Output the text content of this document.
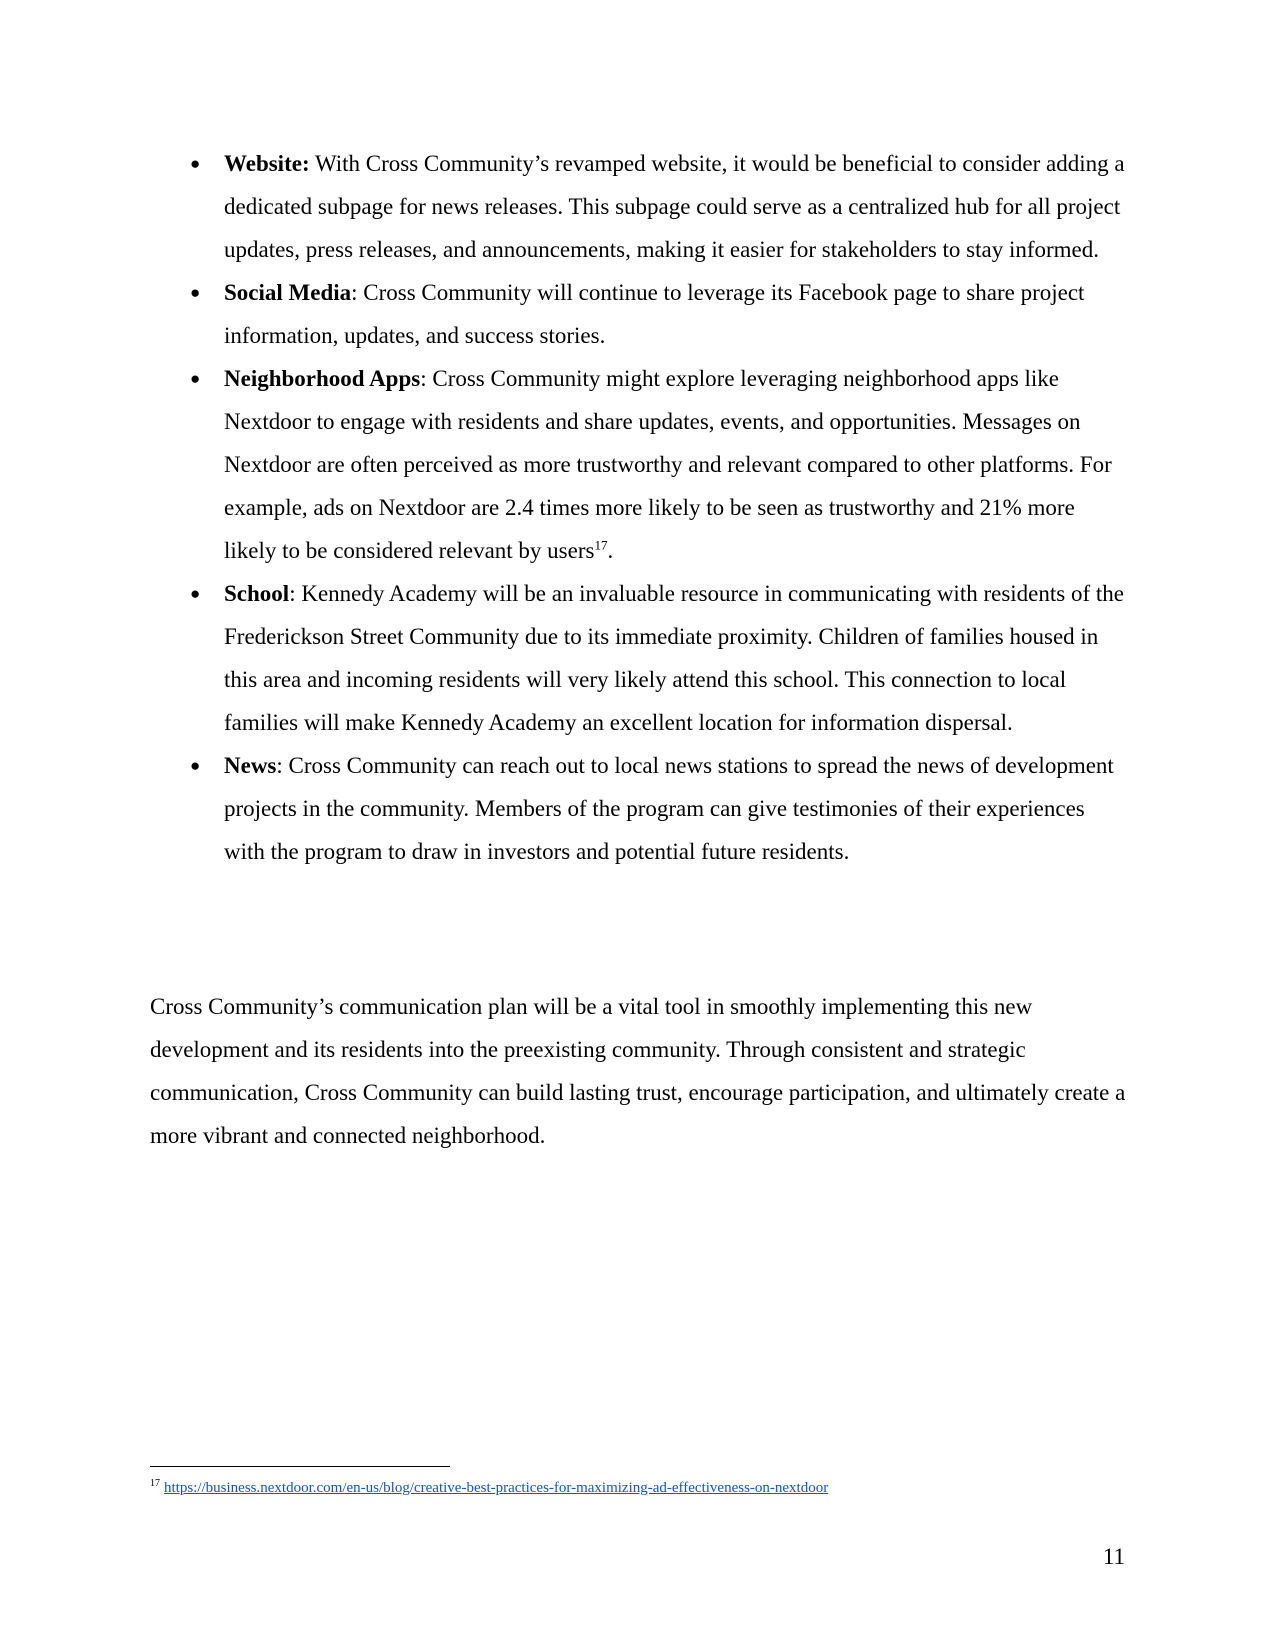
● Website: With Cross Community’s revamped website, it would be beneficial to consider adding a dedicated subpage for news releases. This subpage could serve as a centralized hub for all project updates, press releases, and announcements, making it easier for stakeholders to stay informed.
● Social Media: Cross Community will continue to leverage its Facebook page to share project information, updates, and success stories.
● Neighborhood Apps: Cross Community might explore leveraging neighborhood apps like Nextdoor to engage with residents and share updates, events, and opportunities. Messages on Nextdoor are often perceived as more trustworthy and relevant compared to other platforms. For example, ads on Nextdoor are 2.4 times more likely to be seen as trustworthy and 21% more likely to be considered relevant by users$^{17}$.
● School: Kennedy Academy will be an invaluable resource in communicating with residents of the Frederickson Street Community due to its immediate proximity. Children of families housed in this area and incoming residents will very likely attend this school. This connection to local families will make Kennedy Academy an excellent location for information dispersal.
● News: Cross Community can reach out to local news stations to spread the news of development projects in the community. Members of the program can give testimonies of their experiences with the program to draw in investors and potential future residents.

Cross Community’s communication plan will be a vital tool in smoothly implementing this new development and its residents into the preexisting community. Through consistent and strategic communication, Cross Community can build lasting trust, encourage participation, and ultimately create a more vibrant and connected neighborhood.

$^{17}$ https://business.nextdoor.com/en-us/blog/creative-best-practices-for-maximizing-ad-effectiveness-on-nextdoor
11
